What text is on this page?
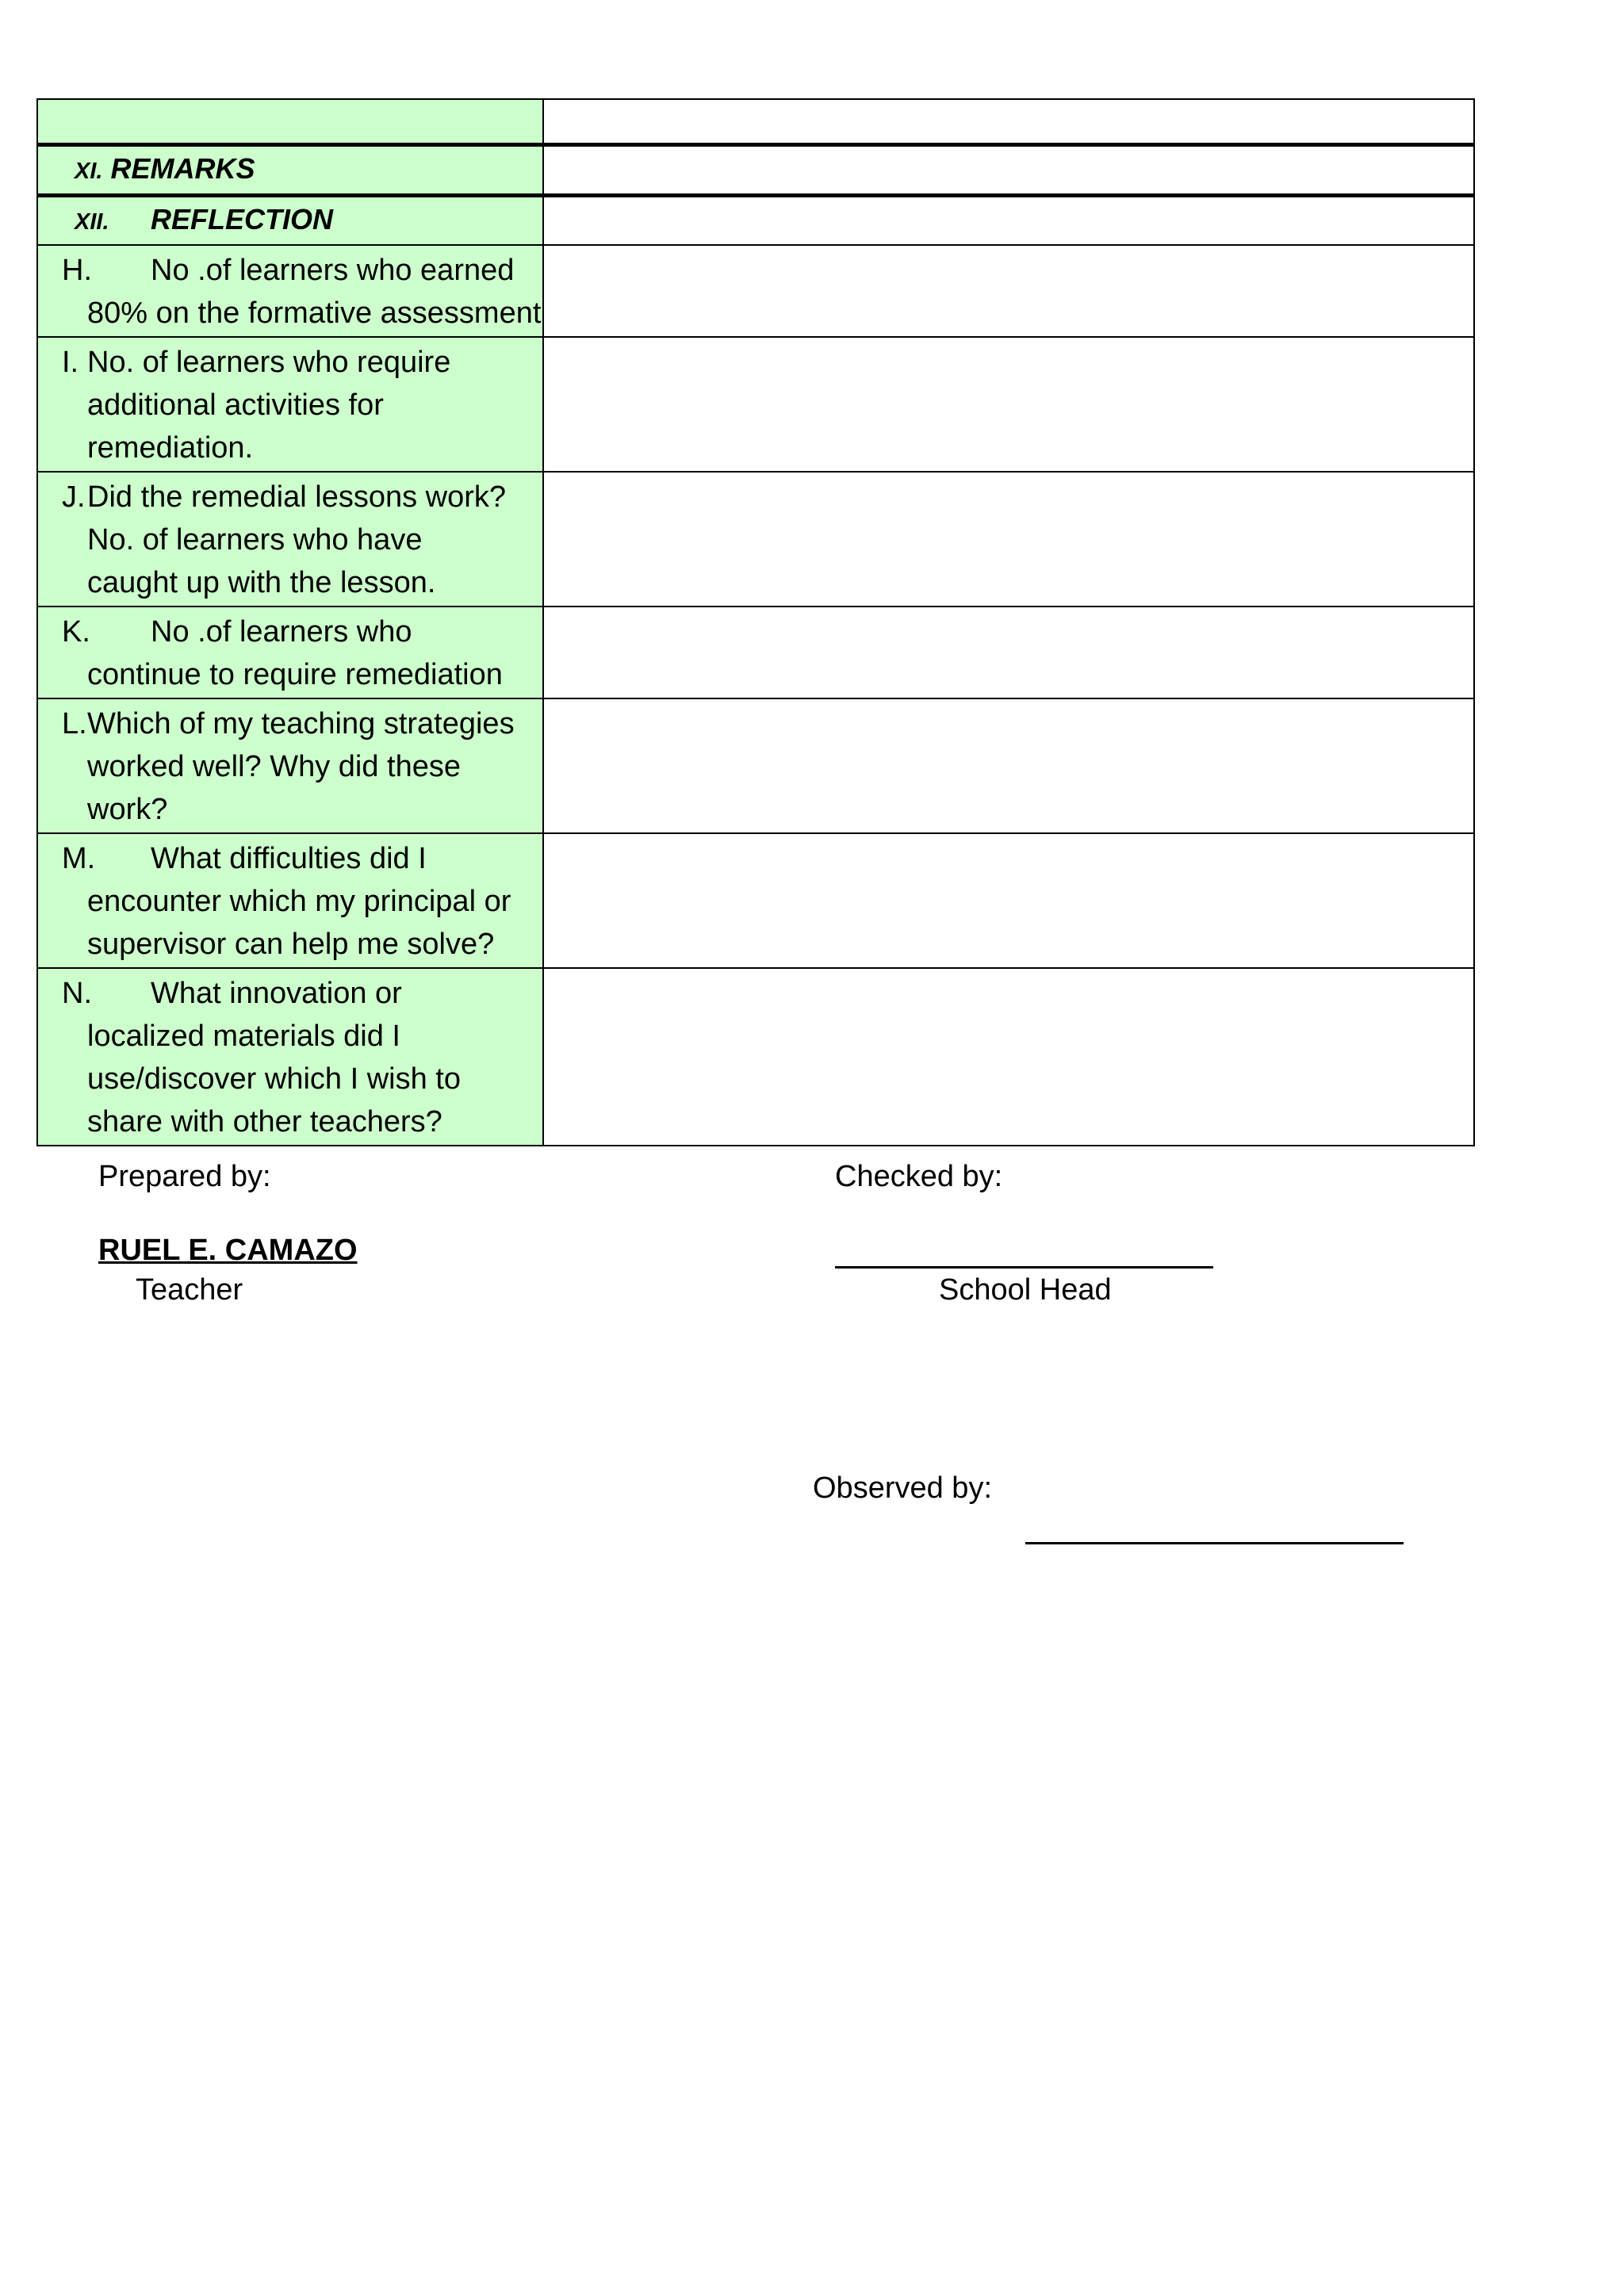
XI. REMARKS	
XII. REFLECTION	

H. No .of learners who earned
80% on the formative assessment	

I. No. of learners who require
additional activities for
remediation.	

J. Did the remedial lessons work?
No. of learners who have
caught up with the lesson.	

K. No .of learners who
continue to require remediation	

L. Which of my teaching strategies
worked well? Why did these
work?	

M. What difficulties did I
encounter which my principal or
supervisor can help me solve?	

N. What innovation or
localized materials did I
use/discover which I wish to
share with other teachers?	

Prepared by:
RUEL E. CAMAZO
Teacher
Checked by:
School Head
Observed by:
